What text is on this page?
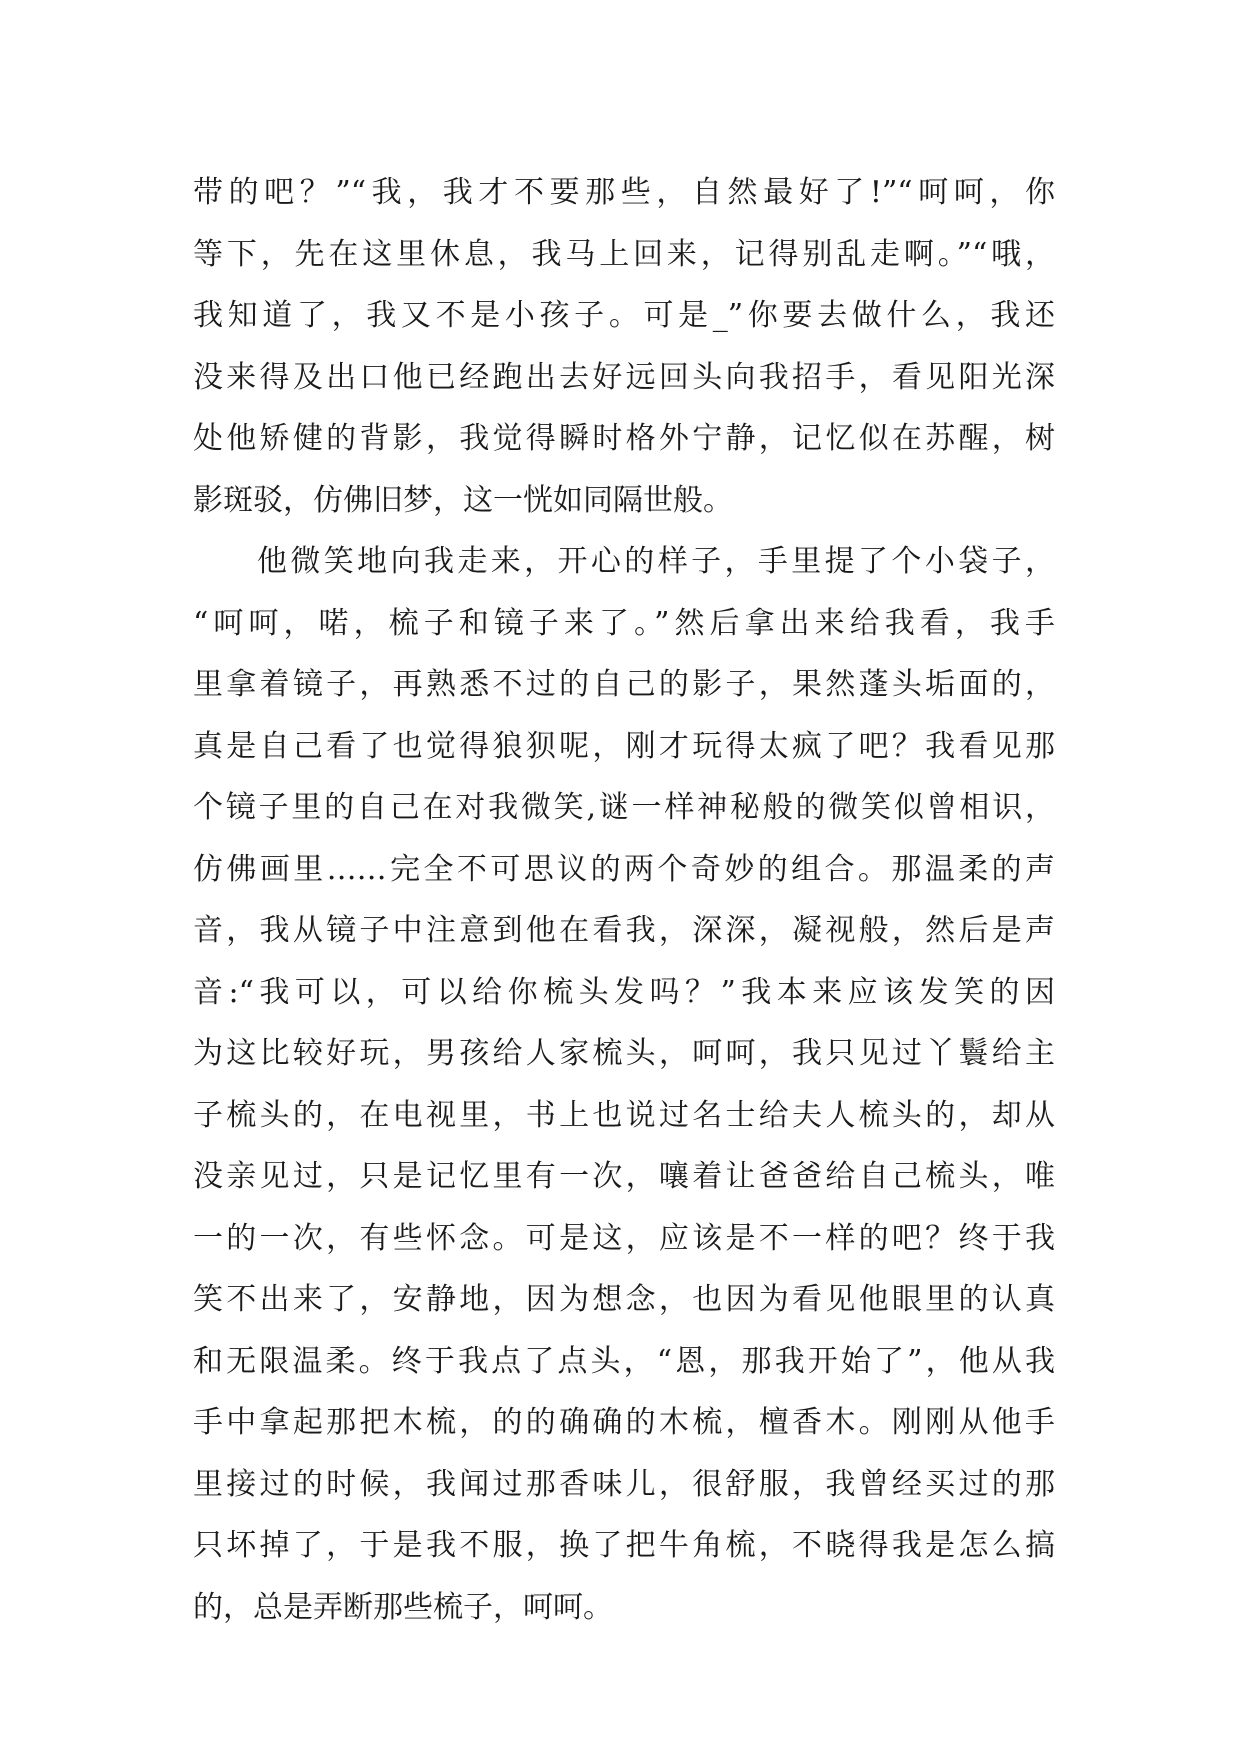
带的吧？”“我，我才不要那些，自然最好了!”“呵呵，你
等下，先在这里休息，我马上回来，记得别乱走啊。”“哦，
我知道了，我又不是小孩子。可是_”你要去做什么，我还
没来得及出口他已经跑出去好远回头向我招手，看见阳光深
处他矫健的背影，我觉得瞬时格外宁静，记忆似在苏醒，树
影斑驳，仿佛旧梦，这一恍如同隔世般。
他微笑地向我走来，开心的样子，手里提了个小袋子，
“呵呵，喏，梳子和镜子来了。”然后拿出来给我看，我手
里拿着镜子，再熟悉不过的自己的影子，果然蓬头垢面的，
真是自己看了也觉得狼狈呢，刚才玩得太疯了吧？我看见那
个镜子里的自己在对我微笑,谜一样神秘般的微笑似曾相识，
仿佛画里……完全不可思议的两个奇妙的组合。那温柔的声
音，我从镜子中注意到他在看我，深深，凝视般，然后是声
音:“我可以，可以给你梳头发吗？”我本来应该发笑的因
为这比较好玩，男孩给人家梳头，呵呵，我只见过丫鬟给主
子梳头的，在电视里，书上也说过名士给夫人梳头的，却从
没亲见过，只是记忆里有一次，嚷着让爸爸给自己梳头，唯
一的一次，有些怀念。可是这，应该是不一样的吧？终于我
笑不出来了，安静地，因为想念，也因为看见他眼里的认真
和无限温柔。终于我点了点头，“恩，那我开始了”，他从我
手中拿起那把木梳，的的确确的木梳，檀香木。刚刚从他手
里接过的时候，我闻过那香味儿，很舒服，我曾经买过的那
只坏掉了，于是我不服，换了把牛角梳，不晓得我是怎么搞
的，总是弄断那些梳子，呵呵。
